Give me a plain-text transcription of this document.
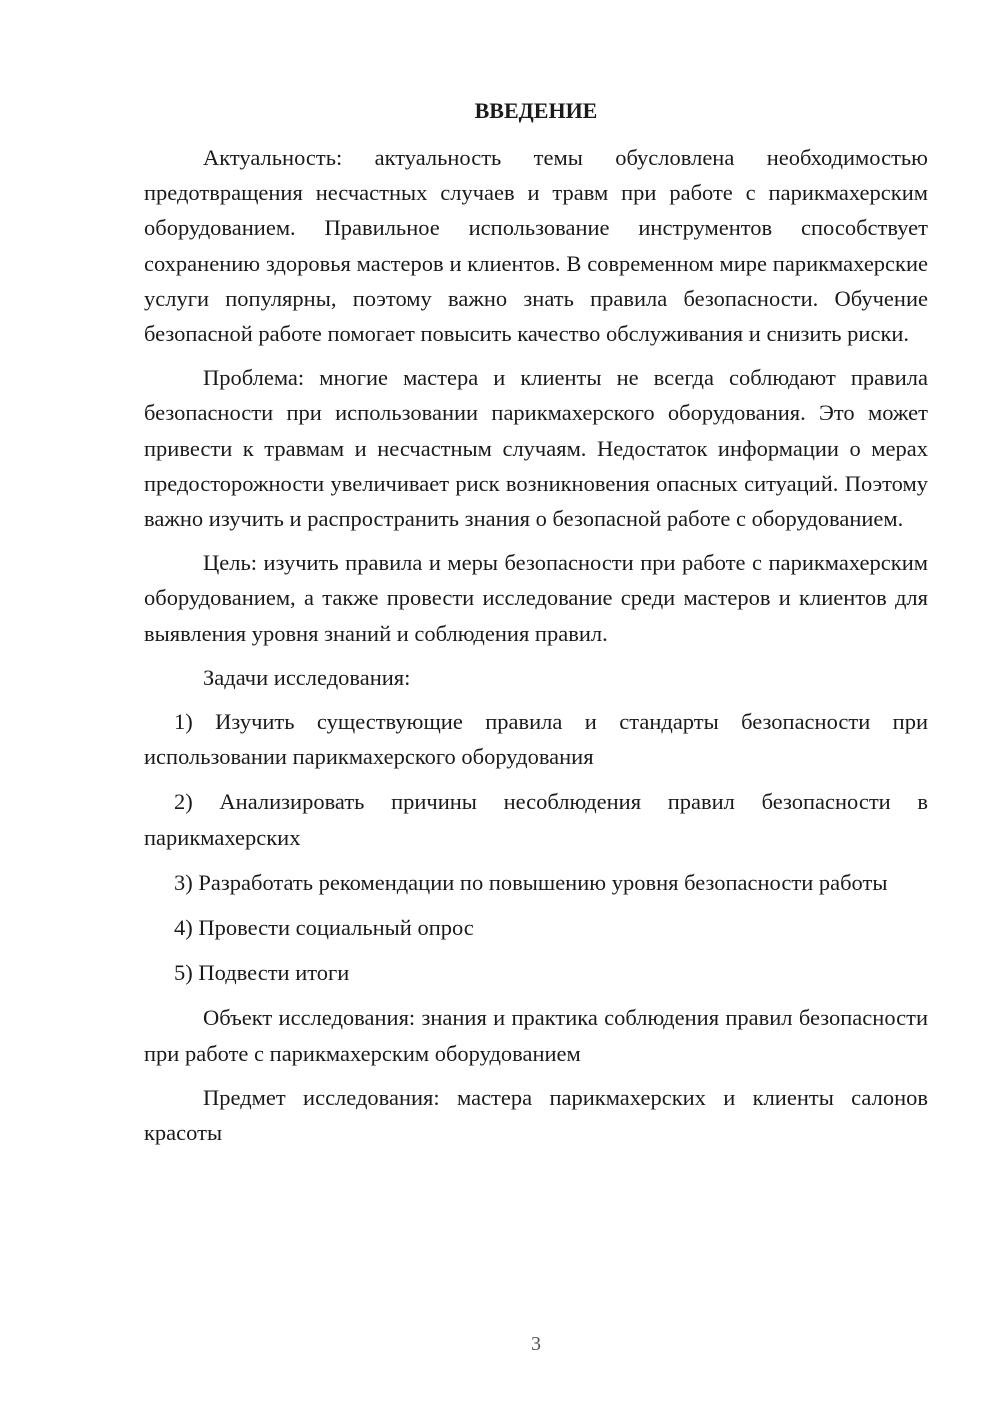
ВВЕДЕНИЕ

Актуальность: актуальность темы обусловлена необходимостью предотвращения несчастных случаев и травм при работе с парикмахерским оборудованием. Правильное использование инструментов способствует сохранению здоровья мастеров и клиентов. В современном мире парикмахерские услуги популярны, поэтому важно знать правила безопасности. Обучение безопасной работе помогает повысить качество обслуживания и снизить риски.

Проблема: многие мастера и клиенты не всегда соблюдают правила безопасности при использовании парикмахерского оборудования. Это может привести к травмам и несчастным случаям. Недостаток информации о мерах предосторожности увеличивает риск возникновения опасных ситуаций. Поэтому важно изучить и распространить знания о безопасной работе с оборудованием.

Цель: изучить правила и меры безопасности при работе с парикмахерским оборудованием, а также провести исследование среди мастеров и клиентов для выявления уровня знаний и соблюдения правил.

Задачи исследования:

1) Изучить существующие правила и стандарты безопасности при использовании парикмахерского оборудования

2) Анализировать причины несоблюдения правил безопасности в парикмахерских

3) Разработать рекомендации по повышению уровня безопасности работы

4) Провести социальный опрос

5) Подвести итоги

Объект исследования: знания и практика соблюдения правил безопасности при работе с парикмахерским оборудованием

Предмет исследования: мастера парикмахерских и клиенты салонов красоты

3
